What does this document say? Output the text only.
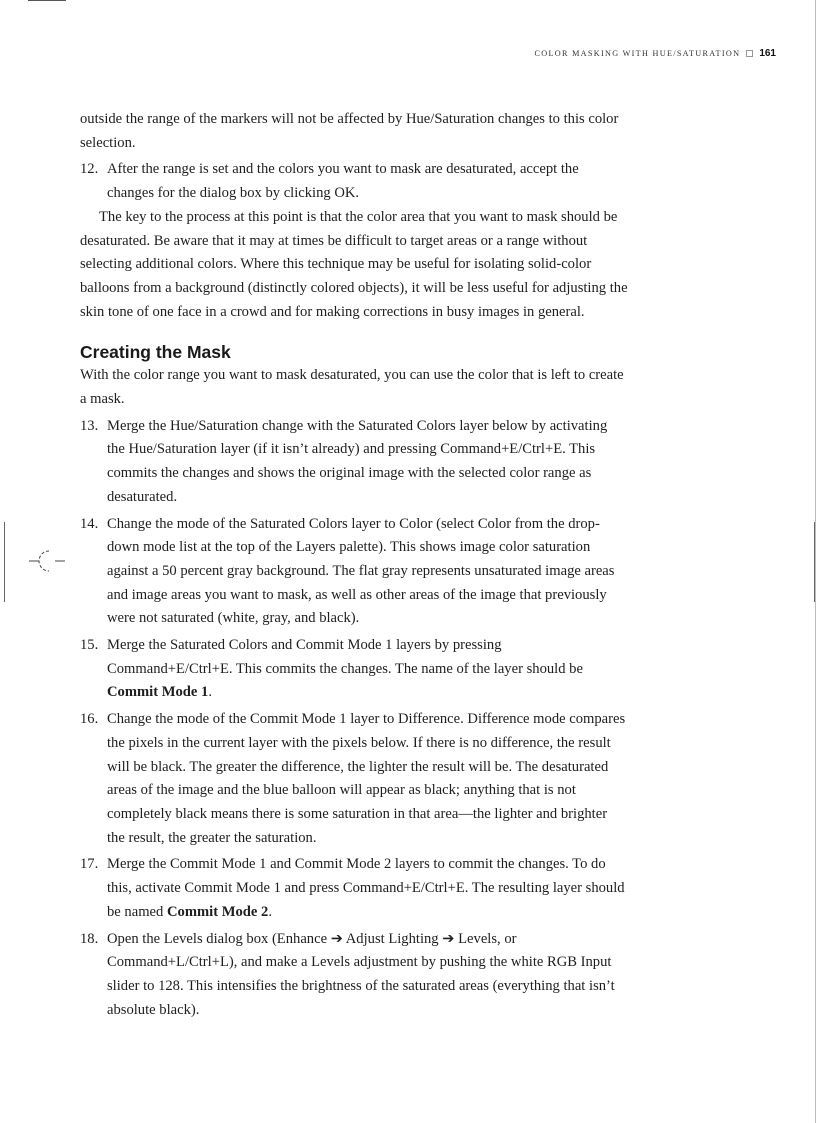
COLOR MASKING WITH HUE/SATURATION 161

outside the range of the markers will not be affected by Hue/Saturation changes to this color selection.

12. After the range is set and the colors you want to mask are desaturated, accept the changes for the dialog box by clicking OK.

The key to the process at this point is that the color area that you want to mask should be desaturated. Be aware that it may at times be difficult to target areas or a range without selecting additional colors. Where this technique may be useful for isolating solid-color balloons from a background (distinctly colored objects), it will be less useful for adjusting the skin tone of one face in a crowd and for making corrections in busy images in general.

Creating the Mask

With the color range you want to mask desaturated, you can use the color that is left to create a mask.

13. Merge the Hue/Saturation change with the Saturated Colors layer below by activating the Hue/Saturation layer (if it isn’t already) and pressing Command+E/Ctrl+E. This commits the changes and shows the original image with the selected color range as desaturated.
14. Change the mode of the Saturated Colors layer to Color (select Color from the drop-down mode list at the top of the Layers palette). This shows image color saturation against a 50 percent gray background. The flat gray represents unsaturated image areas and image areas you want to mask, as well as other areas of the image that previously were not saturated (white, gray, and black).
15. Merge the Saturated Colors and Commit Mode 1 layers by pressing Command+E/Ctrl+E. This commits the changes. The name of the layer should be Commit Mode 1.
16. Change the mode of the Commit Mode 1 layer to Difference. Difference mode compares the pixels in the current layer with the pixels below. If there is no difference, the result will be black. The greater the difference, the lighter the result will be. The desaturated areas of the image and the blue balloon will appear as black; anything that is not completely black means there is some saturation in that area—the lighter and brighter the result, the greater the saturation.
17. Merge the Commit Mode 1 and Commit Mode 2 layers to commit the changes. To do this, activate Commit Mode 1 and press Command+E/Ctrl+E. The resulting layer should be named Commit Mode 2.
18. Open the Levels dialog box (Enhance ➔ Adjust Lighting ➔ Levels, or Command+L/Ctrl+L), and make a Levels adjustment by pushing the white RGB Input slider to 128. This intensifies the brightness of the saturated areas (everything that isn’t absolute black).
